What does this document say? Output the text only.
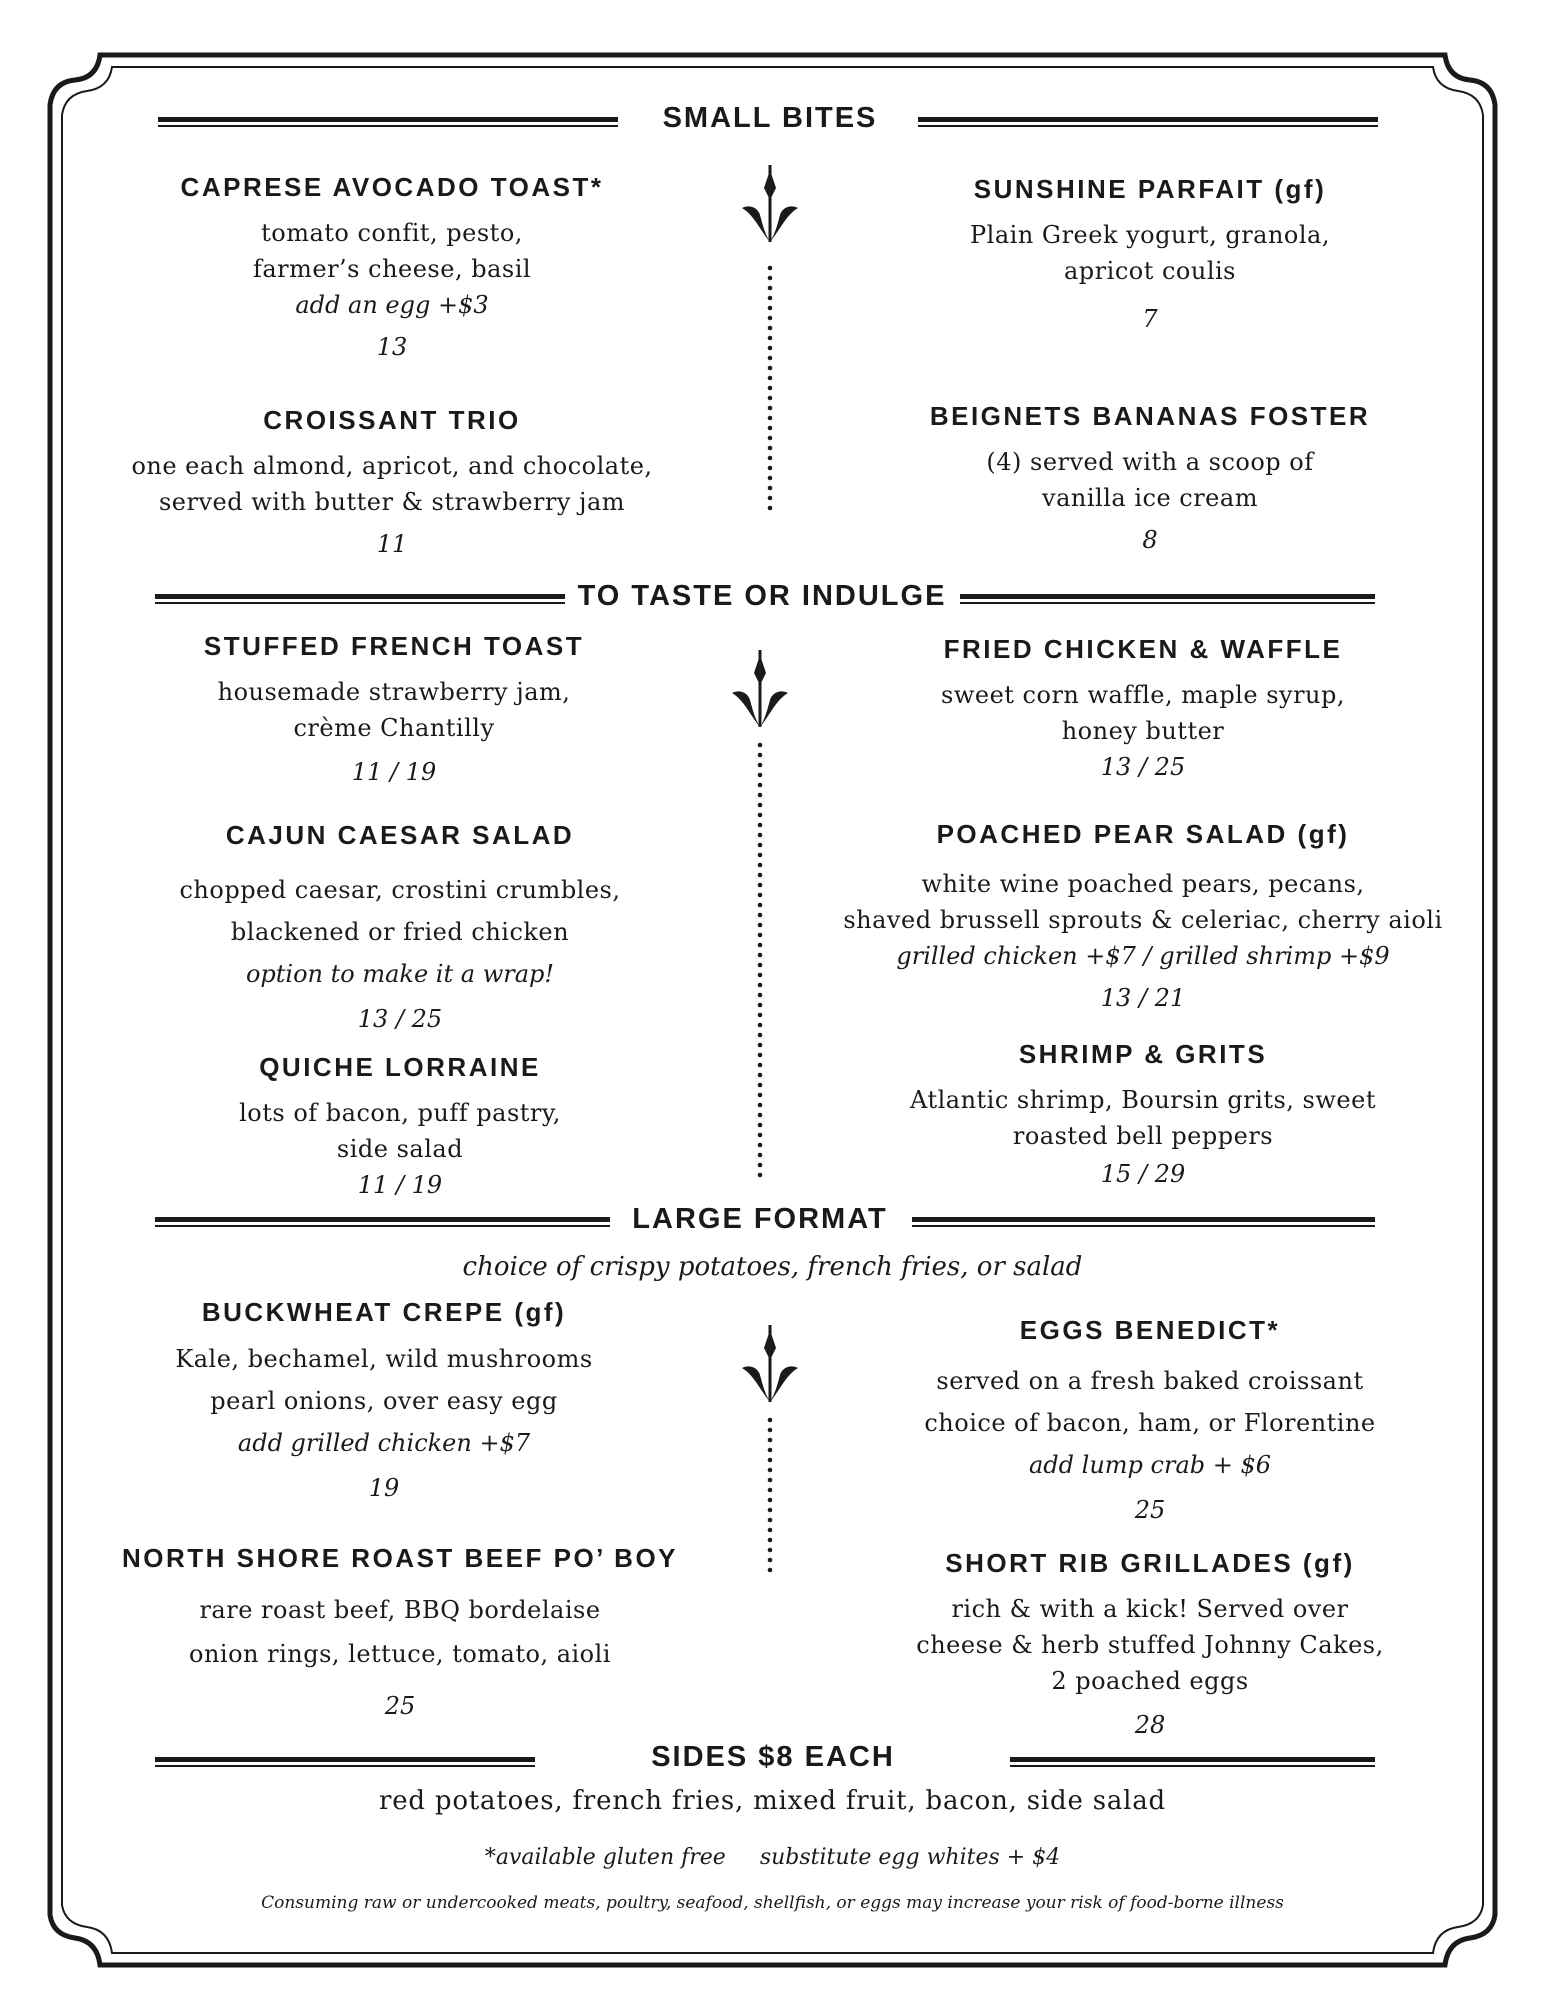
SMALL BITES
CAPRESE AVOCADO TOAST*
tomato confit, pesto,
farmer’s cheese, basil
add an egg +$3
13
CROISSANT TRIO
one each almond, apricot, and chocolate,
served with butter & strawberry jam
11
SUNSHINE PARFAIT (gf)
Plain Greek yogurt, granola,
apricot coulis
7
BEIGNETS BANANAS FOSTER
(4) served with a scoop of
vanilla ice cream
8
TO TASTE OR INDULGE
STUFFED FRENCH TOAST
housemade strawberry jam,
crème Chantilly
11 / 19
CAJUN CAESAR SALAD
chopped caesar, crostini crumbles,
blackened or fried chicken
option to make it a wrap!
13 / 25
QUICHE LORRAINE
lots of bacon, puff pastry,
side salad
11 / 19
FRIED CHICKEN & WAFFLE
sweet corn waffle, maple syrup,
honey butter
13 / 25
POACHED PEAR SALAD (gf)
white wine poached pears, pecans,
shaved brussell sprouts & celeriac, cherry aioli
grilled chicken +$7 / grilled shrimp +$9
13 / 21
SHRIMP & GRITS
Atlantic shrimp, Boursin grits, sweet
roasted bell peppers
15 / 29
LARGE FORMAT
choice of crispy potatoes, french fries, or salad
BUCKWHEAT CREPE (gf)
Kale, bechamel, wild mushrooms
pearl onions, over easy egg
add grilled chicken +$7
19
NORTH SHORE ROAST BEEF PO’ BOY
rare roast beef, BBQ bordelaise
onion rings, lettuce, tomato, aioli
25
EGGS BENEDICT*
served on a fresh baked croissant
choice of bacon, ham, or Florentine
add lump crab + $6
25
SHORT RIB GRILLADES (gf)
rich & with a kick! Served over
cheese & herb stuffed Johnny Cakes,
2 poached eggs
28
SIDES $8 EACH
red potatoes, french fries, mixed fruit, bacon, side salad
*available gluten free substitute egg whites + $4
Consuming raw or undercooked meats, poultry, seafood, shellfish, or eggs may increase your risk of food-borne illness
